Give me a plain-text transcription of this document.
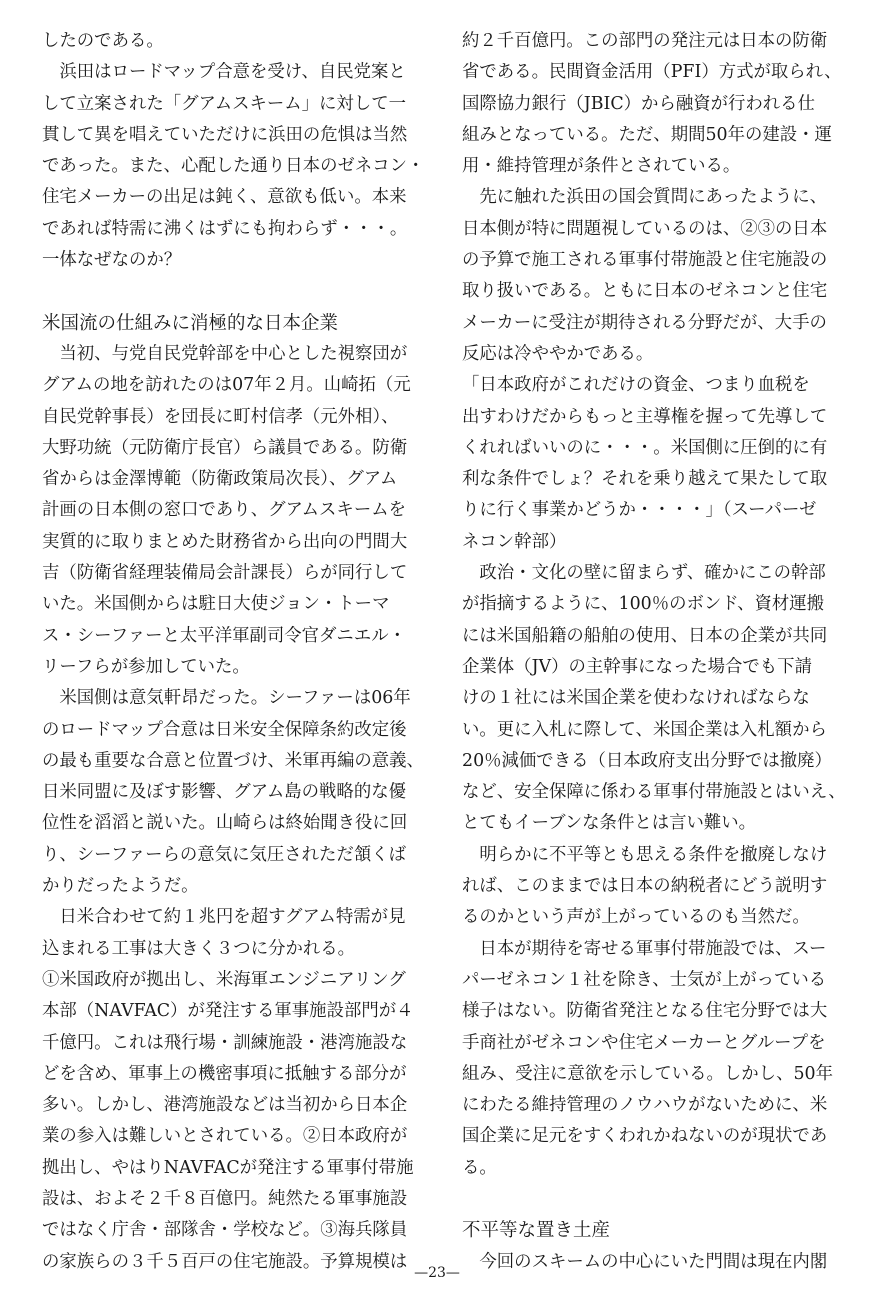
したのである。

　浜田はロードマップ合意を受け、自民党案と

して立案された「グアムスキーム」に対して一

貫して異を唱えていただけに浜田の危惧は当然

であった。また、心配した通り日本のゼネコン・

住宅メーカーの出足は鈍く、意欲も低い。本来

であれば特需に沸くはずにも拘わらず・・・。

一体なぜなのか？

米国流の仕組みに消極的な日本企業

　当初、与党自民党幹部を中心とした視察団が

グアムの地を訪れたのは07年２月。山崎拓（元

自民党幹事長）を団長に町村信孝（元外相）、

大野功統（元防衛庁長官）ら議員である。防衛

省からは金澤博範（防衛政策局次長）、グアム

計画の日本側の窓口であり、グアムスキームを

実質的に取りまとめた財務省から出向の門間大

吉（防衛省経理装備局会計課長）らが同行して

いた。米国側からは駐日大使ジョン・トーマ

ス・シーファーと太平洋軍副司令官ダニエル・

リーフらが参加していた。

　米国側は意気軒昂だった。シーファーは06年

のロードマップ合意は日米安全保障条約改定後

の最も重要な合意と位置づけ、米軍再編の意義、

日米同盟に及ぼす影響、グアム島の戦略的な優

位性を滔滔と説いた。山崎らは終始聞き役に回

り、シーファーらの意気に気圧されただ頷くば

かりだったようだ。

　日米合わせて約１兆円を超すグアム特需が見

込まれる工事は大きく３つに分かれる。

①米国政府が拠出し、米海軍エンジニアリング

本部（NAVFAC）が発注する軍事施設部門が４

千億円。これは飛行場・訓練施設・港湾施設な

どを含め、軍事上の機密事項に抵触する部分が

多い。しかし、港湾施設などは当初から日本企

業の参入は難しいとされている。②日本政府が

拠出し、やはりNAVFACが発注する軍事付帯施

設は、およそ２千８百億円。純然たる軍事施設

ではなく庁舎・部隊舎・学校など。③海兵隊員

の家族らの３千５百戸の住宅施設。予算規模は

約２千百億円。この部門の発注元は日本の防衛

省である。民間資金活用（PFI）方式が取られ、

国際協力銀行（JBIC）から融資が行われる仕

組みとなっている。ただ、期間50年の建設・運

用・維持管理が条件とされている。

　先に触れた浜田の国会質問にあったように、

日本側が特に問題視しているのは、②③の日本

の予算で施工される軍事付帯施設と住宅施設の

取り扱いである。ともに日本のゼネコンと住宅

メーカーに受注が期待される分野だが、大手の

反応は冷ややかである。

「日本政府がこれだけの資金、つまり血税を

出すわけだからもっと主導権を握って先導して

くれればいいのに・・・。米国側に圧倒的に有

利な条件でしょ？それを乗り越えて果たして取

りに行く事業かどうか・・・・」（スーパーゼ

ネコン幹部）

　政治・文化の壁に留まらず、確かにこの幹部

が指摘するように、100％のボンド、資材運搬

には米国船籍の船舶の使用、日本の企業が共同

企業体（JV）の主幹事になった場合でも下請

けの１社には米国企業を使わなければならな

い。更に入札に際して、米国企業は入札額から

20％減価できる（日本政府支出分野では撤廃）

など、安全保障に係わる軍事付帯施設とはいえ、

とてもイーブンな条件とは言い難い。

　明らかに不平等とも思える条件を撤廃しなけ

れば、このままでは日本の納税者にどう説明す

るのかという声が上がっているのも当然だ。

　日本が期待を寄せる軍事付帯施設では、スー

パーゼネコン１社を除き、士気が上がっている

様子はない。防衛省発注となる住宅分野では大

手商社がゼネコンや住宅メーカーとグループを

組み、受注に意欲を示している。しかし、50年

にわたる維持管理のノウハウがないために、米

国企業に足元をすくわれかねないのが現状であ

る。

不平等な置き土産

　今回のスキームの中心にいた門間は現在内閣

—23—
